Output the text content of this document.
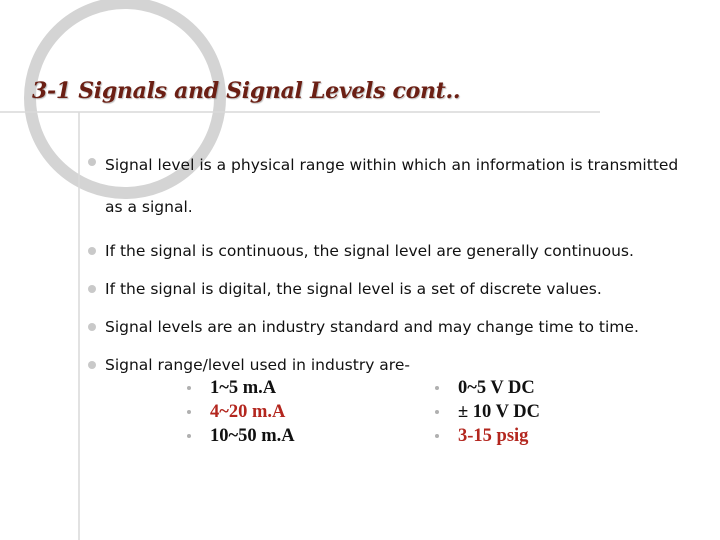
3-1 Signals and Signal Levels cont..
Signal level is a physical range within which an information is transmitted as a signal.
If the signal is continuous, the signal level are generally continuous.
If the signal is digital, the signal level is a set of discrete values.
Signal levels are an industry standard and may change time to time.
Signal range/level used in industry are-
1~5 m.A
4~20 m.A
10~50 m.A
0~5 V DC
± 10 V DC
3-15 psig
